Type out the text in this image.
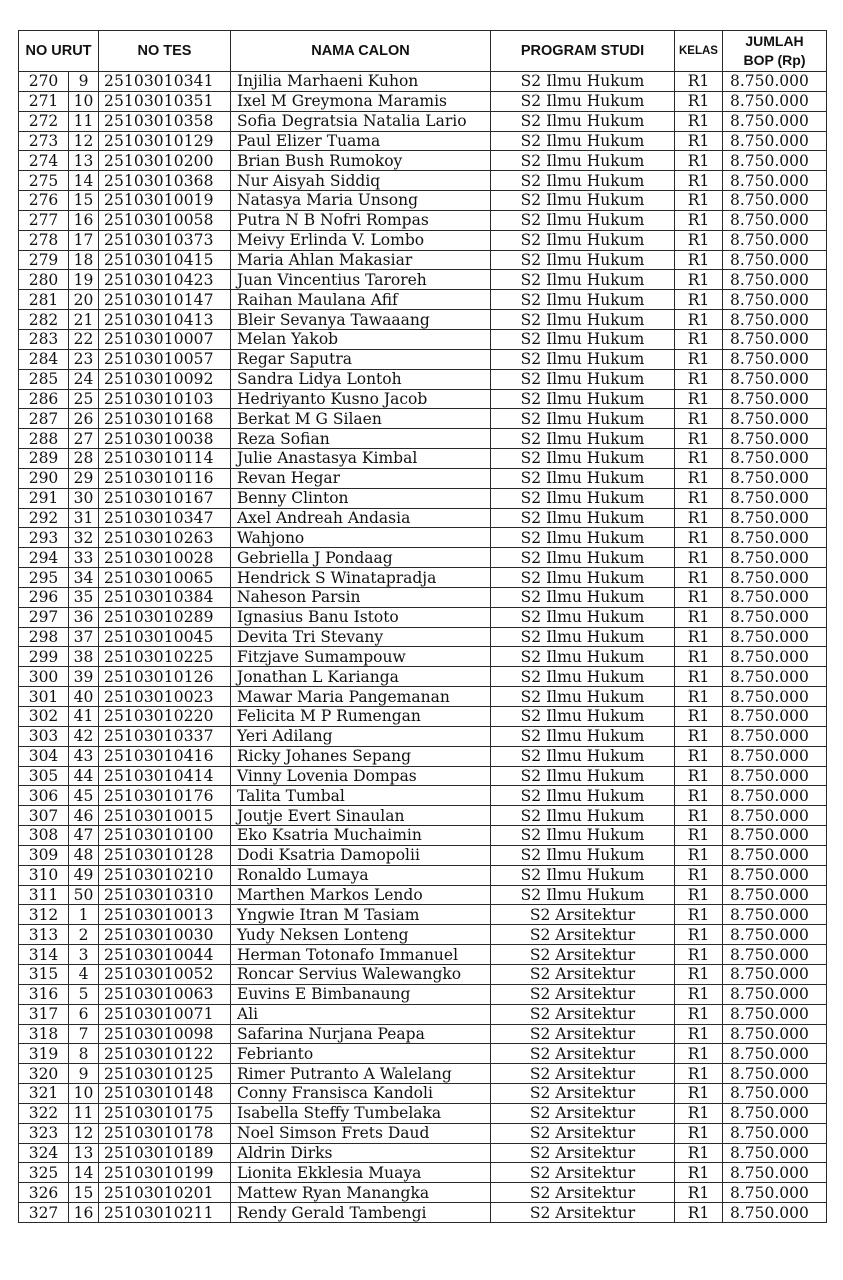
NO URUT		NO TES	NAMA CALON	PROGRAM STUDI	KELAS	JUMLAH
BOP (Rp)
270	9	25103010341	Injilia Marhaeni Kuhon	S2 Ilmu Hukum	R1	8.750.000
271	10	25103010351	Ixel M Greymona Maramis	S2 Ilmu Hukum	R1	8.750.000
272	11	25103010358	Sofia Degratsia Natalia Lario	S2 Ilmu Hukum	R1	8.750.000
273	12	25103010129	Paul Elizer Tuama	S2 Ilmu Hukum	R1	8.750.000
274	13	25103010200	Brian Bush Rumokoy	S2 Ilmu Hukum	R1	8.750.000
275	14	25103010368	Nur Aisyah Siddiq	S2 Ilmu Hukum	R1	8.750.000
276	15	25103010019	Natasya Maria Unsong	S2 Ilmu Hukum	R1	8.750.000
277	16	25103010058	Putra N B Nofri Rompas	S2 Ilmu Hukum	R1	8.750.000
278	17	25103010373	Meivy Erlinda V. Lombo	S2 Ilmu Hukum	R1	8.750.000
279	18	25103010415	Maria Ahlan Makasiar	S2 Ilmu Hukum	R1	8.750.000
280	19	25103010423	Juan Vincentius Taroreh	S2 Ilmu Hukum	R1	8.750.000
281	20	25103010147	Raihan Maulana Afif	S2 Ilmu Hukum	R1	8.750.000
282	21	25103010413	Bleir Sevanya Tawaaang	S2 Ilmu Hukum	R1	8.750.000
283	22	25103010007	Melan Yakob	S2 Ilmu Hukum	R1	8.750.000
284	23	25103010057	Regar Saputra	S2 Ilmu Hukum	R1	8.750.000
285	24	25103010092	Sandra Lidya Lontoh	S2 Ilmu Hukum	R1	8.750.000
286	25	25103010103	Hedriyanto Kusno Jacob	S2 Ilmu Hukum	R1	8.750.000
287	26	25103010168	Berkat M G Silaen	S2 Ilmu Hukum	R1	8.750.000
288	27	25103010038	Reza Sofian	S2 Ilmu Hukum	R1	8.750.000
289	28	25103010114	Julie Anastasya Kimbal	S2 Ilmu Hukum	R1	8.750.000
290	29	25103010116	Revan Hegar	S2 Ilmu Hukum	R1	8.750.000
291	30	25103010167	Benny Clinton	S2 Ilmu Hukum	R1	8.750.000
292	31	25103010347	Axel Andreah Andasia	S2 Ilmu Hukum	R1	8.750.000
293	32	25103010263	Wahjono	S2 Ilmu Hukum	R1	8.750.000
294	33	25103010028	Gebriella J Pondaag	S2 Ilmu Hukum	R1	8.750.000
295	34	25103010065	Hendrick S Winatapradja	S2 Ilmu Hukum	R1	8.750.000
296	35	25103010384	Naheson Parsin	S2 Ilmu Hukum	R1	8.750.000
297	36	25103010289	Ignasius Banu Istoto	S2 Ilmu Hukum	R1	8.750.000
298	37	25103010045	Devita Tri Stevany	S2 Ilmu Hukum	R1	8.750.000
299	38	25103010225	Fitzjave Sumampouw	S2 Ilmu Hukum	R1	8.750.000
300	39	25103010126	Jonathan L Karianga	S2 Ilmu Hukum	R1	8.750.000
301	40	25103010023	Mawar Maria Pangemanan	S2 Ilmu Hukum	R1	8.750.000
302	41	25103010220	Felicita M P Rumengan	S2 Ilmu Hukum	R1	8.750.000
303	42	25103010337	Yeri Adilang	S2 Ilmu Hukum	R1	8.750.000
304	43	25103010416	Ricky Johanes Sepang	S2 Ilmu Hukum	R1	8.750.000
305	44	25103010414	Vinny Lovenia Dompas	S2 Ilmu Hukum	R1	8.750.000
306	45	25103010176	Talita Tumbal	S2 Ilmu Hukum	R1	8.750.000
307	46	25103010015	Joutje Evert Sinaulan	S2 Ilmu Hukum	R1	8.750.000
308	47	25103010100	Eko Ksatria Muchaimin	S2 Ilmu Hukum	R1	8.750.000
309	48	25103010128	Dodi Ksatria Damopolii	S2 Ilmu Hukum	R1	8.750.000
310	49	25103010210	Ronaldo Lumaya	S2 Ilmu Hukum	R1	8.750.000
311	50	25103010310	Marthen Markos Lendo	S2 Ilmu Hukum	R1	8.750.000
312	1	25103010013	Yngwie Itran M Tasiam	S2 Arsitektur	R1	8.750.000
313	2	25103010030	Yudy Neksen Lonteng	S2 Arsitektur	R1	8.750.000
314	3	25103010044	Herman Totonafo Immanuel	S2 Arsitektur	R1	8.750.000
315	4	25103010052	Roncar Servius Walewangko	S2 Arsitektur	R1	8.750.000
316	5	25103010063	Euvins E Bimbanaung	S2 Arsitektur	R1	8.750.000
317	6	25103010071	Ali	S2 Arsitektur	R1	8.750.000
318	7	25103010098	Safarina Nurjana Peapa	S2 Arsitektur	R1	8.750.000
319	8	25103010122	Febrianto	S2 Arsitektur	R1	8.750.000
320	9	25103010125	Rimer Putranto A Walelang	S2 Arsitektur	R1	8.750.000
321	10	25103010148	Conny Fransisca Kandoli	S2 Arsitektur	R1	8.750.000
322	11	25103010175	Isabella Steffy Tumbelaka	S2 Arsitektur	R1	8.750.000
323	12	25103010178	Noel Simson Frets Daud	S2 Arsitektur	R1	8.750.000
324	13	25103010189	Aldrin Dirks	S2 Arsitektur	R1	8.750.000
325	14	25103010199	Lionita Ekklesia Muaya	S2 Arsitektur	R1	8.750.000
326	15	25103010201	Mattew Ryan Manangka	S2 Arsitektur	R1	8.750.000
327	16	25103010211	Rendy Gerald Tambengi	S2 Arsitektur	R1	8.750.000
